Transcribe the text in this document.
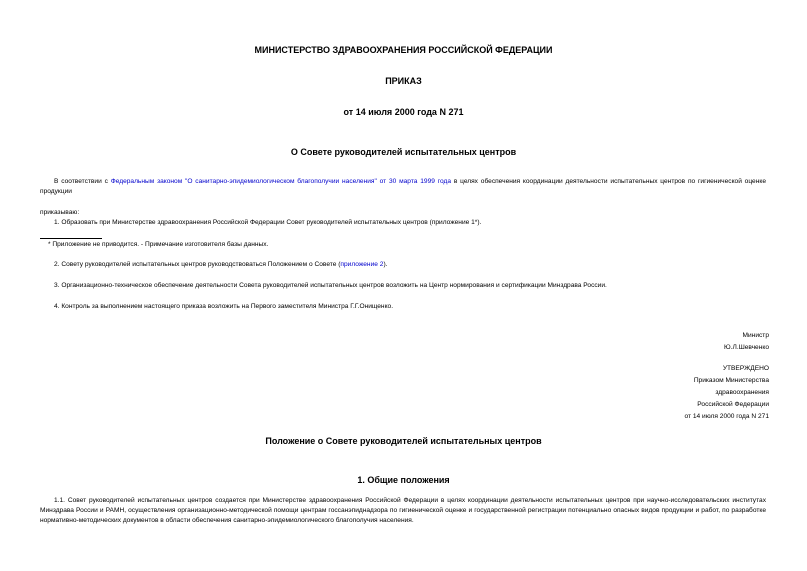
МИНИСТЕРСТВО ЗДРАВООХРАНЕНИЯ РОССИЙСКОЙ ФЕДЕРАЦИИ
ПРИКАЗ
от 14 июля 2000 года N 271
О Совете руководителей испытательных центров
В соответствии с Федеральным законом "О санитарно-эпидемиологическом благополучии населения" от 30 марта 1999 года в целях обеспечения координации деятельности испытательных центров по гигиенической оценке продукции
приказываю:
1. Образовать при Министерстве здравоохранения Российской Федерации Совет руководителей испытательных центров (приложение 1*).
* Приложение не приводится. - Примечание изготовителя базы данных.
2. Совету руководителей испытательных центров руководствоваться Положением о Совете (приложение 2).
3. Организационно-техническое обеспечение деятельности Совета руководителей испытательных центров возложить на Центр нормирования и сертификации Минздрава России.
4. Контроль за выполнением настоящего приказа возложить на Первого заместителя Министра Г.Г.Онищенко.
Министр
Ю.Л.Шевченко
УТВЕРЖДЕНО
Приказом Министерства
здравоохранения
Российской Федерации
от 14 июля 2000 года N 271
Положение о Совете руководителей испытательных центров
1. Общие положения
1.1. Совет руководителей испытательных центров создается при Министерстве здравоохранения Российской Федерации в целях координации деятельности испытательных центров при научно-исследовательских институтах Минздрава России и РАМН, осуществления организационно-методической помощи центрам госсанэпиднадзора по гигиенической оценке и государственной регистрации потенциально опасных видов продукции и работ, по разработке нормативно-методических документов в области обеспечения санитарно-эпидемиологического благополучия населения.
